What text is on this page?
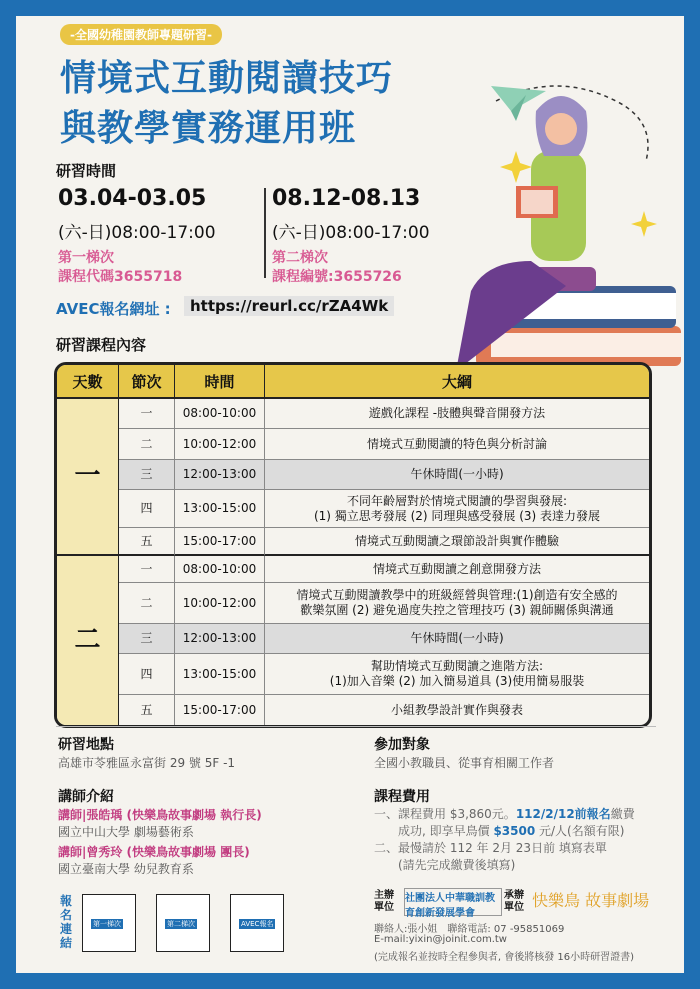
-全國幼稚園教師專題研習-
情境式互動閱讀技巧
與教學實務運用班
研習時間
03.04-03.05
(六-日)08:00-17:00
第一梯次
課程代碼3655718
08.12-08.13
(六-日)08:00-17:00
第二梯次
課程編號:3655726
AVEC報名網址 :	https://reurl.cc/rZA4Wk
研習課程內容
天數	節次	時間	大綱
一	一	08:00-10:00	遊戲化課程 -肢體與聲音開發方法
	二	10:00-12:00	情境式互動閱讀的特色與分析討論
	三	12:00-13:00	午休時間(一小時)
	四	13:00-15:00	不同年齡層對於情境式閱讀的學習與發展:
(1) 獨立思考發展 (2) 同理與感受發展 (3) 表達力發展

	五	15:00-17:00	情境式互動閱讀之環節設計與實作體驗
二	一	08:00-10:00	情境式互動閱讀之創意開發方法
	二	10:00-12:00	情境式互動閱讀教學中的班級經營與管理:(1)創造有安全感的
歡樂氛圍 (2) 避免過度失控之管理技巧 (3) 親師關係與溝通

	三	12:00-13:00	午休時間(一小時)
	四	13:00-15:00	幫助情境式互動閱讀之進階方法:
(1)加入音樂 (2) 加入簡易道具 (3)使用簡易服裝

	五	15:00-17:00	小組教學設計實作與發表
研習地點
高雄市苓雅區永富街 29 號 5F -1
參加對象
全國小教職員、從事育相關工作者
講師介紹
講師|張皓瑀 (快樂鳥故事劇場 執行長)
國立中山大學 劇場藝術系
講師|曾秀玲 (快樂鳥故事劇場 團長)
國立臺南大學 幼兒教育系
課程費用
一、課程費用 $3,860元。112/2/12前報名繳費
成功, 即享早鳥價 $3500 元/人(名額有限)
二、最慢請於 112 年 2月 23日前 填寫表單
(請先完成繳費後填寫)
報名連結
第一梯次	第二梯次	AVEC報名
主辦單位
社團法人中華職訓教育創新發展學會
承辦單位 快樂鳥 故事劇場
聯絡人:張小姐　聯絡電話: 07 -95851069
E-mail:yixin@joinit.com.tw
(完成報名並按時全程參與者, 會後將核發 16小時研習證書)
